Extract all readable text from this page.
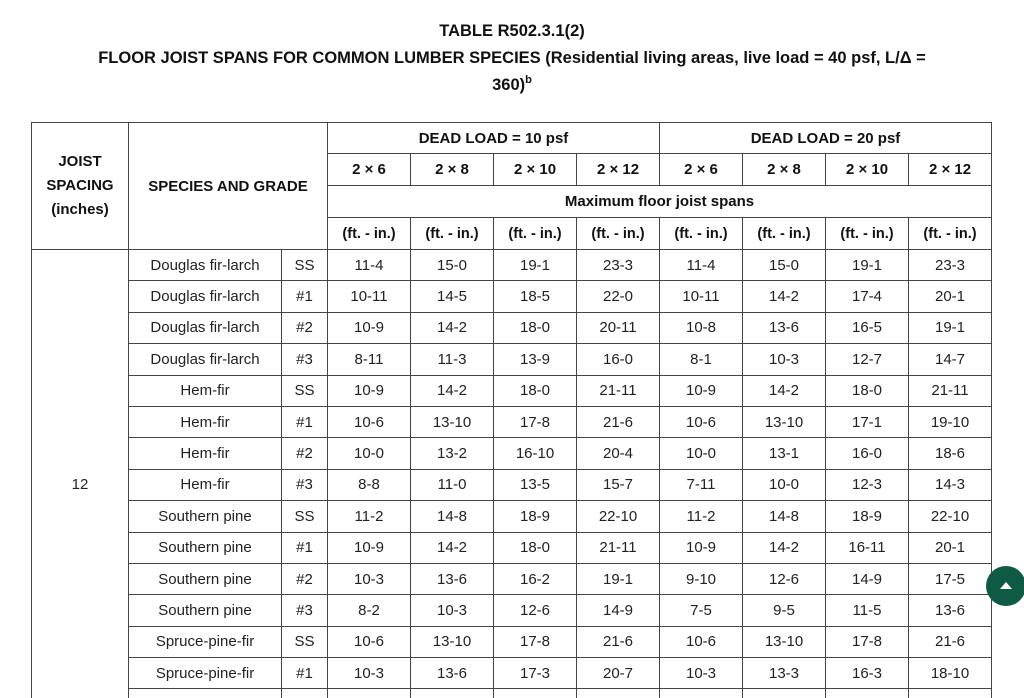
TABLE R502.3.1(2)
FLOOR JOIST SPANS FOR COMMON LUMBER SPECIES (Residential living areas, live load = 40 psf, L/Δ =
360)$^b$
JOIST
SPACING
(inches)	SPECIES AND GRADE		DEAD LOAD = 10 psf				DEAD LOAD = 20 psf			
			2 × 6	2 × 8	2 × 10	2 × 12	2 × 6	2 × 8	2 × 10	2 × 12
			Maximum floor joist spans							
			(ft. - in.)	(ft. - in.)	(ft. - in.)	(ft. - in.)	(ft. - in.)	(ft. - in.)	(ft. - in.)	(ft. - in.)
12	Douglas fir-larch	SS	11-4	15-0	19-1	23-3	11-4	15-0	19-1	23-3
	Douglas fir-larch	#1	10-11	14-5	18-5	22-0	10-11	14-2	17-4	20-1
	Douglas fir-larch	#2	10-9	14-2	18-0	20-11	10-8	13-6	16-5	19-1
	Douglas fir-larch	#3	8-11	11-3	13-9	16-0	8-1	10-3	12-7	14-7
	Hem-fir	SS	10-9	14-2	18-0	21-11	10-9	14-2	18-0	21-11
	Hem-fir	#1	10-6	13-10	17-8	21-6	10-6	13-10	17-1	19-10
	Hem-fir	#2	10-0	13-2	16-10	20-4	10-0	13-1	16-0	18-6
	Hem-fir	#3	8-8	11-0	13-5	15-7	7-11	10-0	12-3	14-3
	Southern pine	SS	11-2	14-8	18-9	22-10	11-2	14-8	18-9	22-10
	Southern pine	#1	10-9	14-2	18-0	21-11	10-9	14-2	16-11	20-1
	Southern pine	#2	10-3	13-6	16-2	19-1	9-10	12-6	14-9	17-5
	Southern pine	#3	8-2	10-3	12-6	14-9	7-5	9-5	11-5	13-6
	Spruce-pine-fir	SS	10-6	13-10	17-8	21-6	10-6	13-10	17-8	21-6
	Spruce-pine-fir	#1	10-3	13-6	17-3	20-7	10-3	13-3	16-3	18-10
